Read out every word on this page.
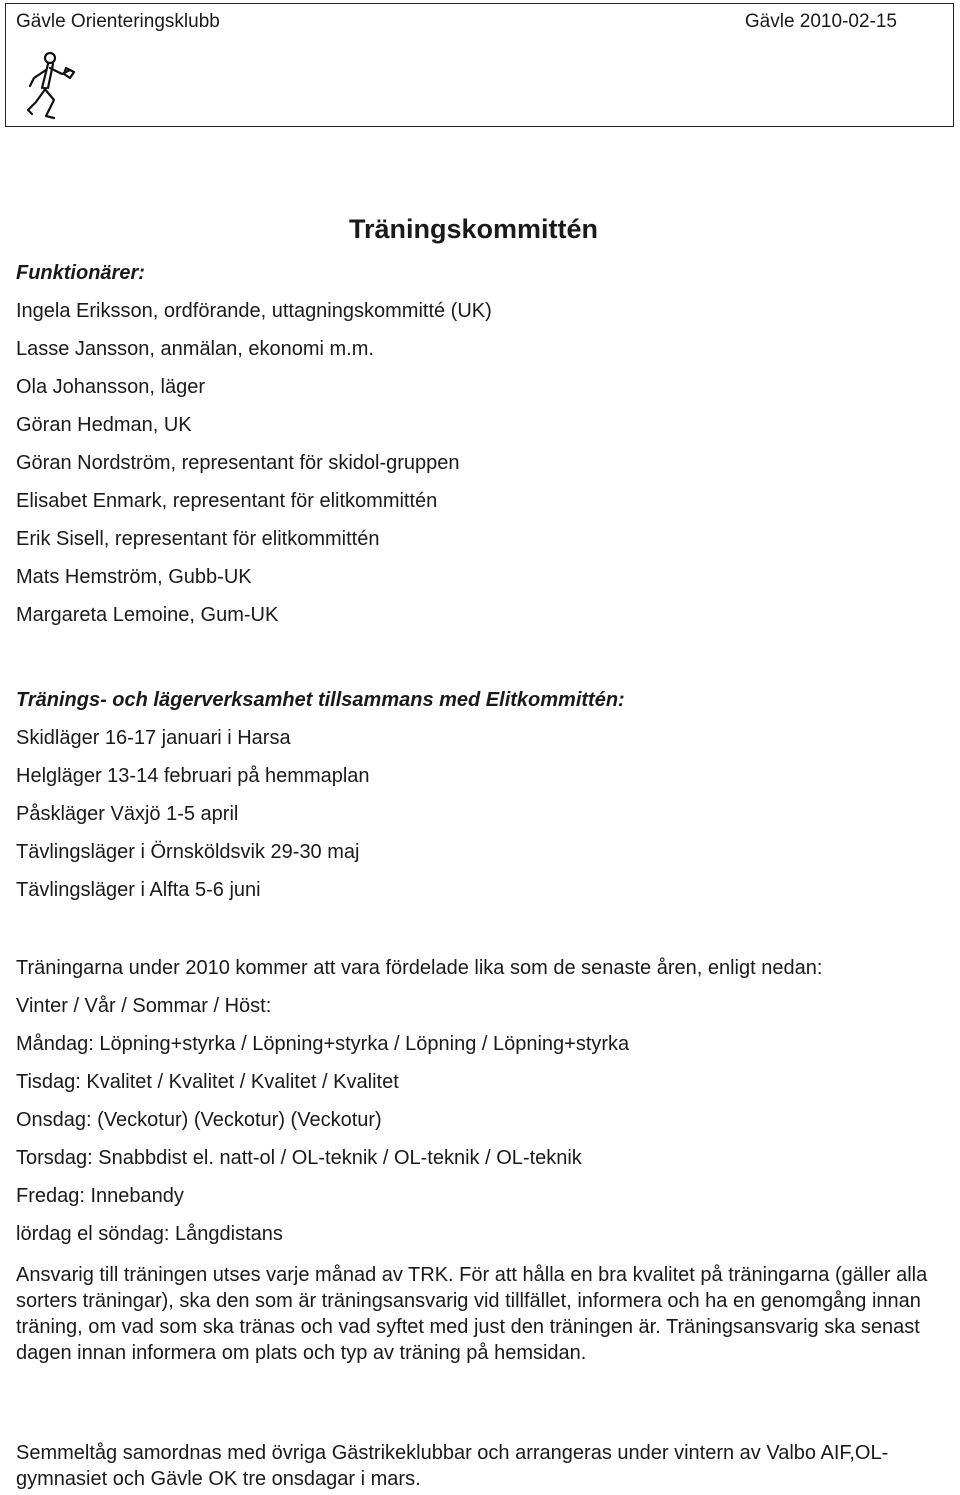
Gävle Orienteringsklubb	Gävle 2010-02-15
Träningskommittén
Funktionärer:
Ingela Eriksson, ordförande, uttagningskommitté (UK)
Lasse Jansson, anmälan, ekonomi m.m.
Ola Johansson, läger
Göran Hedman, UK
Göran Nordström, representant för skidol-gruppen
Elisabet Enmark, representant för elitkommittén
Erik Sisell, representant för elitkommittén
Mats Hemström, Gubb-UK
Margareta Lemoine, Gum-UK
Tränings- och lägerverksamhet tillsammans med Elitkommittén:
Skidläger 16-17 januari i Harsa
Helgläger 13-14 februari på hemmaplan
Påskläger Växjö 1-5 april
Tävlingsläger i Örnsköldsvik 29-30 maj
Tävlingsläger i Alfta 5-6 juni
Träningarna under 2010 kommer att vara fördelade lika som de senaste åren, enligt nedan:
Vinter / Vår / Sommar / Höst:
Måndag: Löpning+styrka / Löpning+styrka / Löpning / Löpning+styrka
Tisdag: Kvalitet / Kvalitet / Kvalitet / Kvalitet
Onsdag: (Veckotur) (Veckotur) (Veckotur)
Torsdag: Snabbdist el. natt-ol / OL-teknik / OL-teknik / OL-teknik
Fredag: Innebandy
lördag el söndag: Långdistans
Ansvarig till träningen utses varje månad av TRK. För att hålla en bra kvalitet på träningarna (gäller alla sorters träningar), ska den som är träningsansvarig vid tillfället, informera och ha en genomgång innan träning, om vad som ska tränas och vad syftet med just den träningen är. Träningsansvarig ska senast dagen innan informera om plats och typ av träning på hemsidan.
Semmeltåg samordnas med övriga Gästrikeklubbar och arrangeras under vintern av Valbo AIF,OL-gymnasiet och Gävle OK tre onsdagar i mars.
